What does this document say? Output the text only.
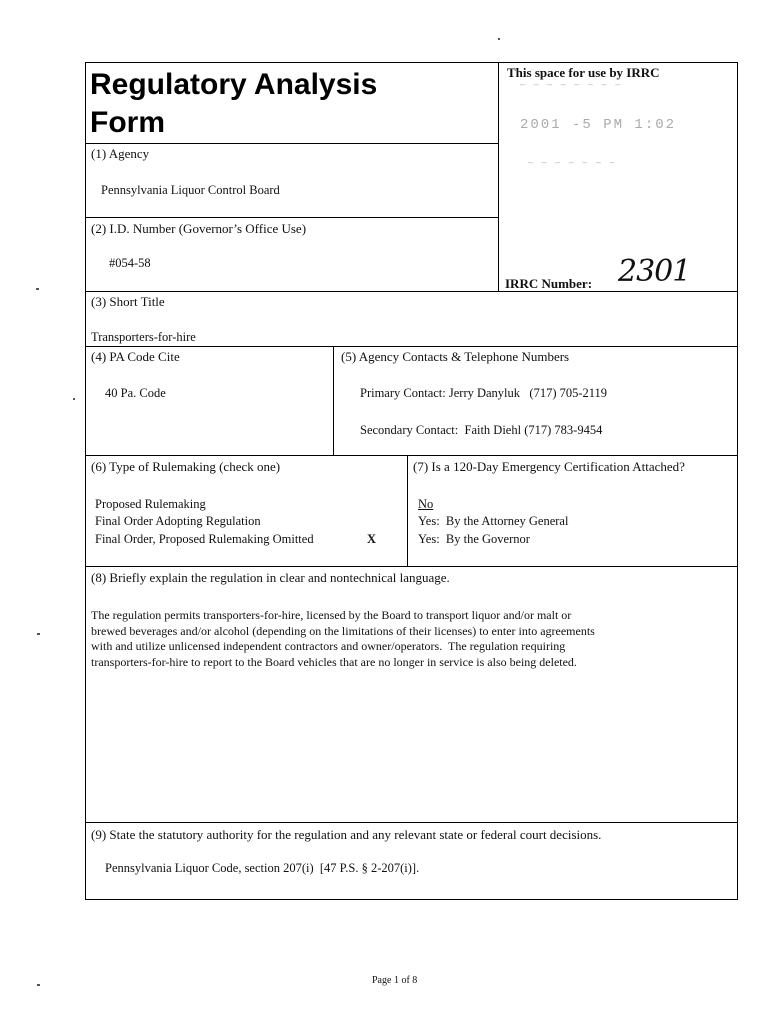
Regulatory Analysis
Form
This space for use by IRRC
— — — — — — — —
2001 -5 PM 1:02
— — — — — — —
IRRC Number: 2301
(1) Agency
Pennsylvania Liquor Control Board
(2) I.D. Number (Governor’s Office Use)
#054-58
(3) Short Title
Transporters-for-hire
(4) PA Code Cite
40 Pa. Code
(5) Agency Contacts & Telephone Numbers
Primary Contact: Jerry Danyluk   (717) 705-2119
Secondary Contact:  Faith Diehl (717) 783-9454
(6) Type of Rulemaking (check one)
Proposed Rulemaking
Final Order Adopting Regulation
Final Order, Proposed Rulemaking Omitted	X
(7) Is a 120-Day Emergency Certification Attached?
No
Yes:  By the Attorney General
Yes:  By the Governor
(8) Briefly explain the regulation in clear and nontechnical language.
The regulation permits transporters-for-hire, licensed by the Board to transport liquor and/or malt or
brewed beverages and/or alcohol (depending on the limitations of their licenses) to enter into agreements
with and utilize unlicensed independent contractors and owner/operators.  The regulation requiring
transporters-for-hire to report to the Board vehicles that are no longer in service is also being deleted.
(9) State the statutory authority for the regulation and any relevant state or federal court decisions.
Pennsylvania Liquor Code, section 207(i)  [47 P.S. § 2-207(i)].
Page 1 of 8
